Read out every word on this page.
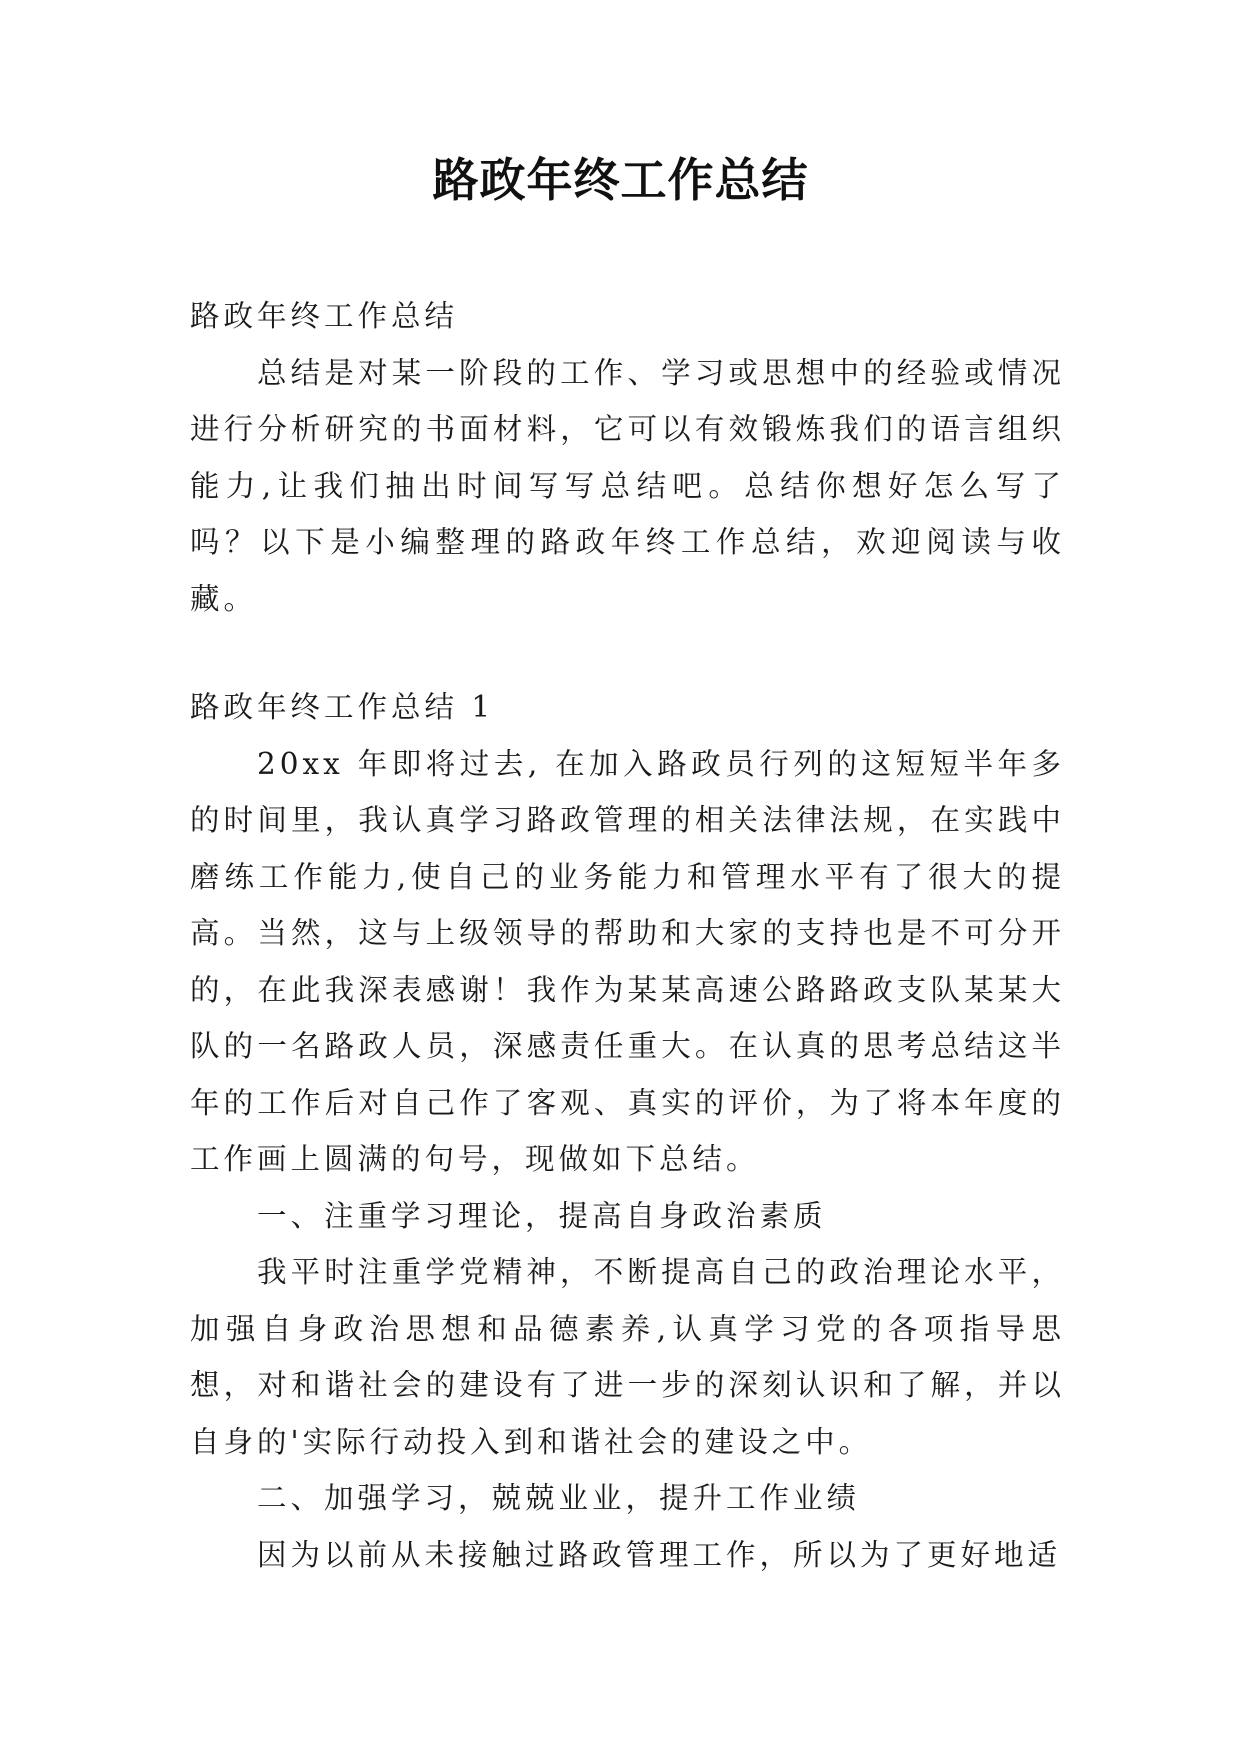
路政年终工作总结

路政年终工作总结

总结是对某一阶段的工作、学习或思想中的经验或情况进行分析研究的书面材料，它可以有效锻炼我们的语言组织能力,让我们抽出时间写写总结吧。总结你想好怎么写了吗？以下是小编整理的路政年终工作总结，欢迎阅读与收藏。

路政年终工作总结 1

20xx 年即将过去, 在加入路政员行列的这短短半年多的时间里，我认真学习路政管理的相关法律法规，在实践中磨练工作能力,使自己的业务能力和管理水平有了很大的提高。当然，这与上级领导的帮助和大家的支持也是不可分开的，在此我深表感谢！我作为某某高速公路路政支队某某大队的一名路政人员，深感责任重大。在认真的思考总结这半年的工作后对自己作了客观、真实的评价，为了将本年度的工作画上圆满的句号，现做如下总结。

一、注重学习理论，提高自身政治素质

我平时注重学党精神，不断提高自己的政治理论水平，加强自身政治思想和品德素养,认真学习党的各项指导思想，对和谐社会的建设有了进一步的深刻认识和了解，并以自身的'实际行动投入到和谐社会的建设之中。

二、加强学习，兢兢业业，提升工作业绩

因为以前从未接触过路政管理工作，所以为了更好地适
